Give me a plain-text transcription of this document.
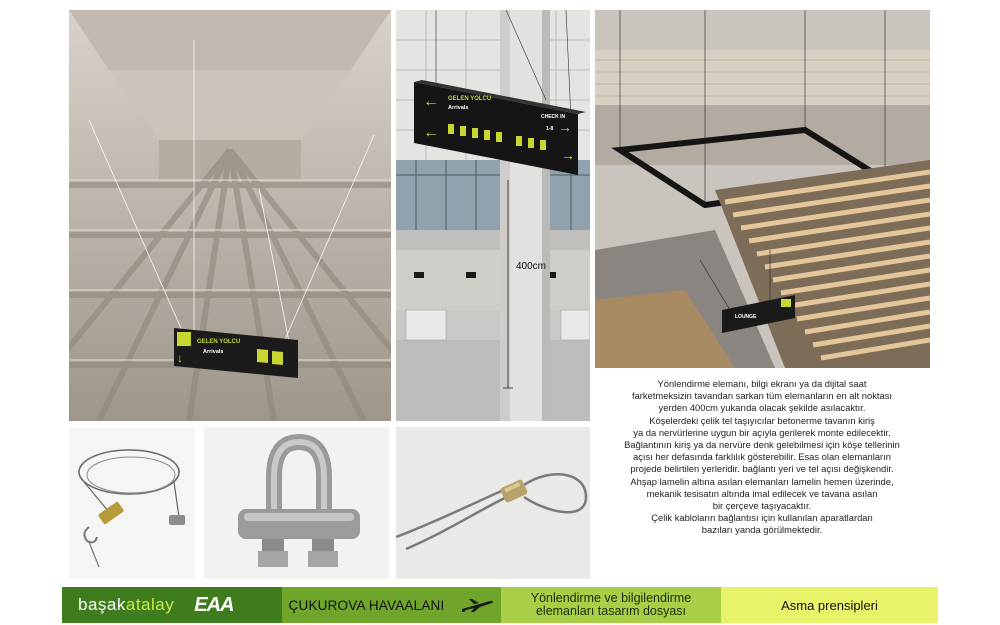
GELEN YOLCU
Arrivals
↓
400cm
←
←
GELEN YOLCU
Arrivals
CHECK IN
1-8 →
→
LOUNGE
Yönlendirme elemanı, bilgi ekranı ya da dijital saat
farketmeksizin tavandan sarkan tüm elemanların en alt noktası
yerden 400cm yukarıda olacak şekilde asılacaktır.
Köşelerdeki çelik tel taşıyıcılar betonerme tavanın kiriş
ya da nervürlerine uygun bir açıyla gerilerek monte edilecektir.
Bağlantının kiriş ya da nervüre denk gelebilmesi için köşe tellerinin
açısı her defasında farklılık gösterebilir. Esas olan elemanların
projede belirtilen yerleridir. bağlantı yeri ve tel açısı değişkendir.
Ahşap lamelin altına asılan elemanları lamelin hemen üzerinde,
mekanik tesisatın altında imal edilecek ve tavana asılan
bir çerçeve taşıyacaktır.
Çelik kabloların bağlantısı için kullanılan aparatlardan
bazıları yanda görülmektedir.
başakatalay EAA	ÇUKUROVA HAVAALANI	Yönlendirme ve bilgilendirme
elemanları tasarım dosyası	Asma prensipleri
